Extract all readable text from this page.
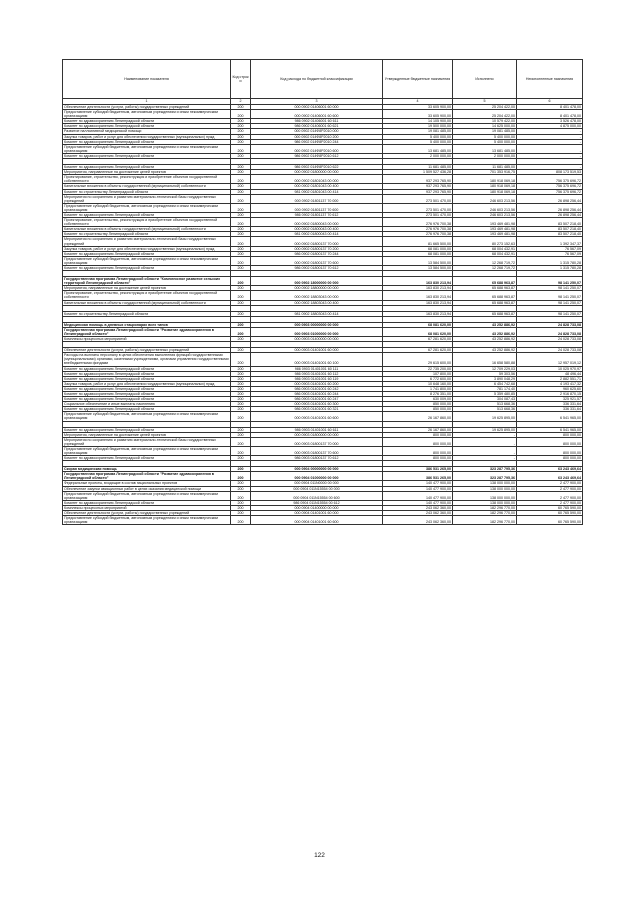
Наименование показателя	Код строк и	Код расхода по бюджетной классификации	Утвержденные бюджетные назначения	Исполнено	Неисполненные назначения
1	2	3	4	5	6
Обеспечение деятельности (услуги, работы) государственных учреждений	200	000 0902 01406001 60 000	33 605 900,00	25 204 422,00	8 401 478,00
Предоставление субсидий бюджетным, автономным учреждениям и иным некоммерческим организациям	200	000 0902 01406001 60 600	33 605 900,00	25 204 422,00	8 401 478,00
Комитет по здравоохранению Ленинградской области	200	986 0902 01406001 60 611	14 105 900,00	10 579 422,00	3 526 478,00
Комитет по здравоохранению Ленинградской области	200	986 0902 01406001 60 621	19 500 000,00	14 625 000,00	4 875 000,00
Развитие паллиативной медицинской помощи	200	000 0902 014Ф8Р2010 000	19 081 485,00	19 081 485,00	-
Закупка товаров, работ и услуг для обеспечения государственных (муниципальных) нужд	200	000 0902 014Ф8Р2010 200	5 400 000,00	5 400 000,00	-
Комитет по здравоохранению Ленинградской области	200	986 0902 014Ф8Р2010 244	5 400 000,00	5 400 000,00	-
Предоставление субсидий бюджетным, автономным учреждениям и иным некоммерческим организациям	200	000 0902 014Ф8Р2010 600	13 681 485,00	13 681 485,00	-
Комитет по здравоохранению Ленинградской области	200	986 0902 014Ф8Р2010 612	2 000 000,00	2 000 000,00	-

Комитет по здравоохранению Ленинградской области	200	986 0902 014Ф8Р2010 622	11 681 485,00	11 681 485,00	-
Мероприятия, направленные на достижение целей проектов	200	000 0902 01800000 00 000	1 509 527 436,28	701 353 916,75	808 173 519,53
Проектирование, строительство, реконструкция и приобретение объектов государственной собственности	200	000 0902 01801043 00 000	937 293 765,90	180 918 069,18	756 375 696,72
Капитальные вложения в объекты государственной (муниципальной) собственности	200	000 0902 01801043 00 400	937 293 765,90	180 918 069,18	756 375 696,72
Комитет по строительству Ленинградской области	200	981 0902 01801043 00 414	937 293 765,90	180 918 069,18	756 375 696,72
Мероприятия по сохранению и развитию материально-технической базы государственных учреждений	200	000 0902 01801137 70 000	273 501 470,00	246 603 213,56	26 898 256,44
Предоставление субсидий бюджетным, автономным учреждениям и иным некоммерческим организациям	200	000 0902 01801137 70 600	273 501 470,00	246 603 213,56	26 898 256,44
Комитет по здравоохранению Ленинградской области	200	986 0902 01801137 70 612	273 501 470,00	246 603 213,56	26 898 256,44
Проектирование, строительство, реконструкция и приобретение объектов государственной собственности	200	000 0902 01800043 00 000	276 976 700,38	193 469 481,98	83 507 218,40
Капитальные вложения в объекты государственной (муниципальной) собственности	200	000 0902 01800043 00 400	276 976 700,38	193 469 481,98	83 507 218,40
Комитет по строительству Ленинградской области	200	981 0902 01800043 00 414	276 976 700,38	193 469 481,98	83 507 218,40
Мероприятия по сохранению и развитию материально-технической базы государственных учреждений	200	000 0902 01800137 70 000	81 665 500,00	80 273 152,63	1 392 347,37
Закупка товаров, работ и услуг для обеспечения государственных (муниципальных) нужд	200	000 0902 01800137 70 200	68 081 000,00	68 004 432,91	76 567,09
Комитет по здравоохранению Ленинградской области	200	986 0902 01800137 70 244	68 081 000,00	68 004 432,91	76 567,09
Предоставление субсидий бюджетным, автономным учреждениям и иным некоммерческим организациям	200	000 0902 01800137 70 600	13 584 500,00	12 268 719,72	1 315 780,28
Комитет по здравоохранению Ленинградской области	200	986 0902 01800137 70 612	13 584 500,00	12 268 719,72	1 315 780,28

Государственная программа Ленинградской области "Комплексное развитие сельских территорий Ленинградской области"	200	000 0902 18000000 00 000	163 830 213,94	65 688 963,87	98 141 250,07
Мероприятия, направленные на достижение целей проектов	200	000 0902 18800000 00 000	163 830 213,94	65 688 963,87	98 141 250,07
Проектирование, строительство, реконструкция и приобретение объектов государственной собственности	200	000 0902 18803043 00 000	163 830 213,94	65 688 963,87	98 141 250,07
Капитальные вложения в объекты государственной (муниципальной) собственности	200	000 0902 18803043 00 400	163 830 213,94	65 688 963,87	98 141 250,07

Комитет по строительству Ленинградской области	200	981 0902 18803043 00 414	163 830 213,94	65 688 963,87	98 141 250,07

Медицинская помощь в дневных стационарах всех типов	200	000 0903 00000000 00 000	68 081 620,00	43 252 886,92	24 828 733,08
Государственная программа Ленинградской области "Развитие здравоохранения в Ленинградской области"	200	000 0903 01000000 00 000	68 081 620,00	43 252 886,92	24 828 733,08
Комплексы процессных мероприятий	200	000 0903 01400000 00 000	67 281 620,00	43 252 886,92	24 028 733,08

Обеспечение деятельности (услуги, работы) государственных учреждений	200	000 0903 01401001 60 000	67 281 620,00	43 252 886,92	24 028 733,08
Расходы на выплаты персоналу в целях обеспечения выполнения функций государственными (муниципальными) органами, казенными учреждениями, органами управления государственными внебюджетными фондами	200	000 0903 01401001 60 100	29 615 600,00	16 658 580,88	12 957 019,12
Комитет по здравоохранению Ленинградской области	200	986 0903 01401001 60 111	22 735 200,00	12 709 229,03	10 025 970,97
Комитет по здравоохранению Ленинградской области	200	986 0903 01401001 60 112	107 800,00	59 303,56	48 496,44
Комитет по здравоохранению Ленинградской области	200	986 0903 01401001 60 119	6 772 600,00	3 890 048,29	2 882 551,71
Закупка товаров, работ и услуг для обеспечения государственных (муниципальных) нужд	200	000 0903 01401001 60 200	10 648 160,00	6 454 742,68	4 193 417,32
Комитет по здравоохранению Ленинградской области	200	986 0903 01401001 60 242	1 741 800,00	781 174,40	960 625,60
Комитет по здравоохранению Ленинградской области	200	986 0903 01401001 60 244	8 276 351,00	5 359 480,85	2 916 870,15
Комитет по здравоохранению Ленинградской области	200	986 0903 01401001 60 247	630 009,00	304 087,43	325 921,57
Социальное обеспечение и иные выплаты населению	200	000 0903 01401001 60 300	850 000,00	513 668,36	336 331,64
Комитет по здравоохранению Ленинградской области	200	986 0903 01401001 60 321	850 000,00	513 668,36	336 331,64
Предоставление субсидий бюджетным, автономным учреждениям и иным некоммерческим организациям	200	000 0903 01401001 60 600	26 167 860,00	19 625 895,00	6 541 965,00

Комитет по здравоохранению Ленинградской области	200	986 0903 01401001 60 611	26 167 860,00	19 625 895,00	6 541 965,00
Мероприятия, направленные на достижение целей проектов	200	000 0903 01800000 00 000	800 000,00	-	800 000,00
Мероприятия по сохранению и развитию материально-технической базы государственных учреждений	200	000 0903 01800137 70 000	800 000,00	-	800 000,00
Предоставление субсидий бюджетным, автономным учреждениям и иным некоммерческим организациям	200	000 0903 01800137 70 600	800 000,00	-	800 000,00
Комитет по здравоохранению Ленинградской области	200	986 0903 01800137 70 612	800 000,00	-	800 000,00

Скорая медицинская помощь	200	000 0904 00000000 00 000	386 531 265,00	323 287 795,36	63 243 469,64
Государственная программа Ленинградской области "Развитие здравоохранения в Ленинградской области"	200	000 0904 01000000 00 000	386 531 265,00	323 287 795,36	63 243 469,64
Федеральные проекты, входящие в состав национальных проектов	200	000 0904 011N0000 00 000	140 477 900,00	138 000 000,00	2 477 900,00
Обеспечение закупки авиационных работ в целях оказания медицинской помощи	200	000 0904 011N15554 00 000	140 477 900,00	138 000 000,00	2 477 900,00
Предоставление субсидий бюджетным, автономным учреждениям и иным некоммерческим организациям	200	000 0904 011N15554 00 600	140 477 900,00	138 000 000,00	2 477 900,00
Комитет по здравоохранению Ленинградской области	200	986 0904 011N15554 00 612	140 477 900,00	138 000 000,00	2 477 900,00
Комплексы процессных мероприятий	200	000 0904 01400000 00 000	243 062 360,00	182 296 770,00	60 765 590,00
Обеспечение деятельности (услуги, работы) государственных учреждений	200	000 0904 01401001 60 000	243 062 360,00	182 296 770,00	60 765 590,00
Предоставление субсидий бюджетным, автономным учреждениям и иным некоммерческим организациям	200	000 0904 01401001 60 600	243 062 360,00	182 296 770,00	60 765 590,00
122
